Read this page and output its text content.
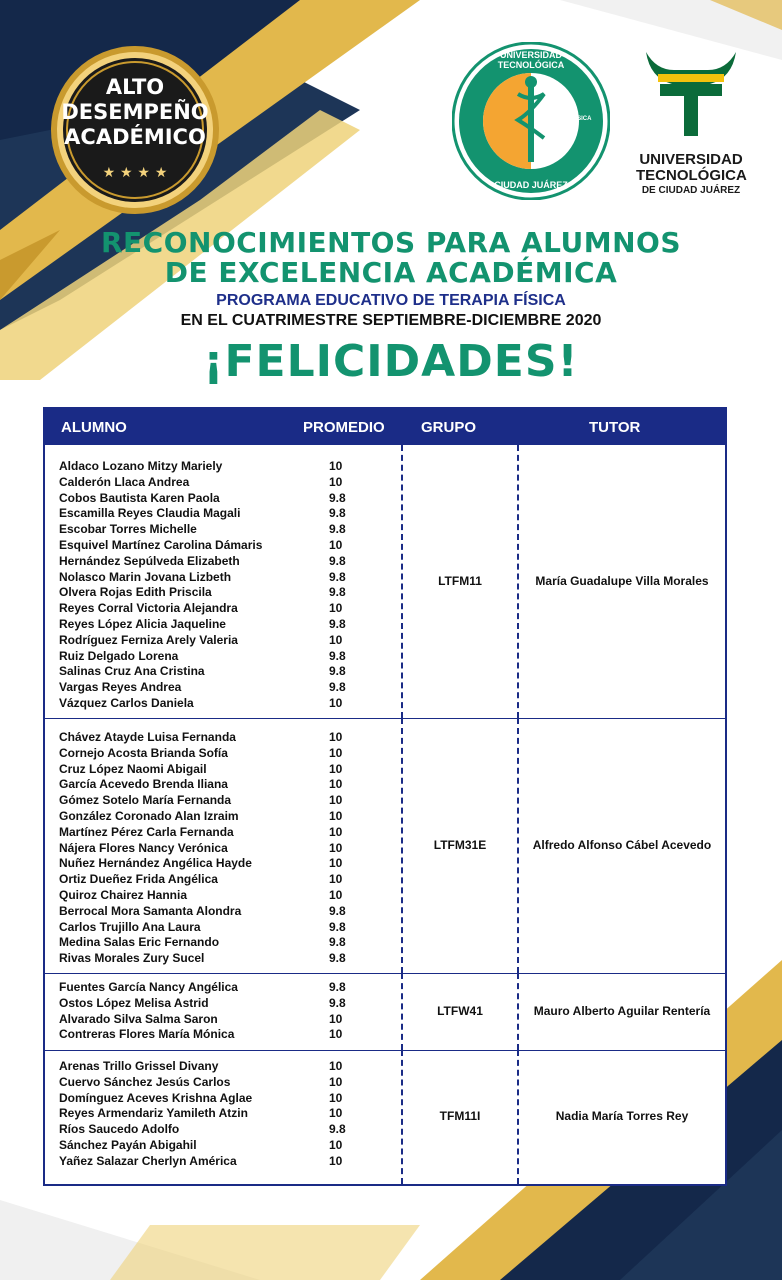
ALTO
DESEMPEÑO
ACADÉMICO
★ ★ ★ ★
UNIVERSIDAD TECNOLÓGICA
CIUDAD JUÁREZ
TERAPIA FÍSICA
UNIVERSIDAD
TECNOLÓGICA
DE CIUDAD JUÁREZ
RECONOCIMIENTOS PARA ALUMNOS
DE EXCELENCIA ACADÉMICA
PROGRAMA EDUCATIVO DE TERAPIA FÍSICA
EN EL CUATRIMESTRE SEPTIEMBRE-DICIEMBRE 2020
¡FELICIDADES!
ALUMNO	PROMEDIO GRUPO	TUTOR
Aldaco Lozano Mitzy Mariely	10
Calderón Llaca Andrea	10
Cobos Bautista Karen Paola	9.8
Escamilla Reyes Claudia Magali	9.8
Escobar Torres Michelle	9.8
Esquivel Martínez Carolina Dámaris	10
Hernández Sepúlveda Elizabeth	9.8
Nolasco Marin Jovana Lizbeth	9.8
Olvera Rojas Edith Priscila	9.8
Reyes Corral Victoria Alejandra	10
Reyes López Alicia Jaqueline	9.8
Rodríguez Ferniza Arely Valeria	10
Ruiz Delgado Lorena	9.8
Salinas Cruz Ana Cristina	9.8
Vargas Reyes Andrea	9.8
Vázquez Carlos Daniela	10
LTFM11	María Guadalupe Villa Morales
Chávez Atayde Luisa Fernanda	10
Cornejo Acosta Brianda Sofía	10
Cruz López Naomi Abigail	10
García Acevedo Brenda Iliana	10
Gómez Sotelo María Fernanda	10
González Coronado Alan Izraim	10
Martínez Pérez Carla Fernanda	10
Nájera Flores Nancy Verónica	10
Nuñez Hernández Angélica Hayde	10
Ortiz Dueñez Frida Angélica	10
Quiroz Chairez Hannia	10
Berrocal Mora Samanta Alondra	9.8
Carlos Trujillo Ana Laura	9.8
Medina Salas Eric Fernando	9.8
Rivas Morales Zury Sucel	9.8
LTFM31E	Alfredo Alfonso Cábel Acevedo
Fuentes García Nancy Angélica	9.8
Ostos López Melisa Astrid	9.8
Alvarado Silva Salma Saron	10
Contreras Flores María Mónica	10
LTFW41	Mauro Alberto Aguilar Rentería
Arenas Trillo Grissel Divany	10
Cuervo Sánchez Jesús Carlos	10
Domínguez Aceves Krishna Aglae	10
Reyes Armendariz Yamileth Atzin	10
Ríos Saucedo Adolfo	9.8
Sánchez Payán Abigahil	10
Yañez Salazar Cherlyn América	10
TFM11I	Nadia María Torres Rey
